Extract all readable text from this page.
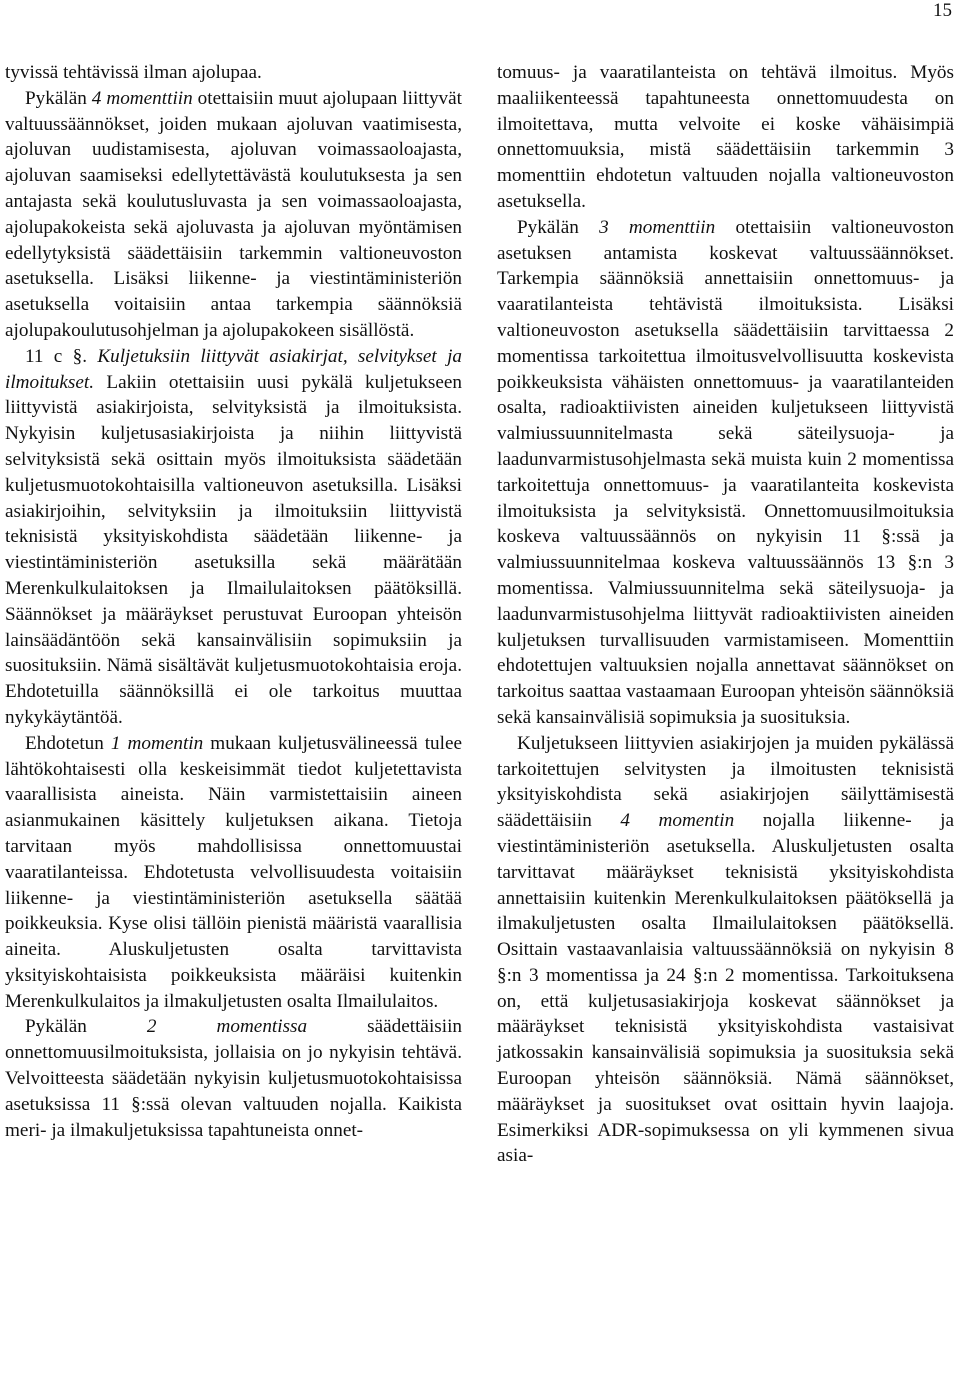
15

tyvissä tehtävissä ilman ajolupaa.

Pykälän 4 momenttiin otettaisiin muut ajolupaan liittyvät valtuussäännökset, joiden mukaan ajoluvan vaatimisesta, ajoluvan uudistamisesta, ajoluvan voimassaoloajasta, ajoluvan saamiseksi edellytettävästä koulutuksesta ja sen antajasta sekä koulutusluvasta ja sen voimassaoloajasta, ajolupakokeista sekä ajoluvasta ja ajoluvan myöntämisen edellytyksistä säädettäisiin tarkemmin valtioneuvoston asetuksella. Lisäksi liikenne- ja viestintäministeriön asetuksella voitaisiin antaa tarkempia säännöksiä ajolupakoulutusohjelman ja ajolupakokeen sisällöstä.

11 c §. Kuljetuksiin liittyvät asiakirjat, selvitykset ja ilmoitukset. Lakiin otettaisiin uusi pykälä kuljetukseen liittyvistä asiakirjoista, selvityksistä ja ilmoituksista. Nykyisin kuljetusasiakirjoista ja niihin liittyvistä selvityksistä sekä osittain myös ilmoituksista säädetään kuljetusmuotokohtaisilla valtioneuvon asetuksilla. Lisäksi asiakirjoihin, selvityksiin ja ilmoituksiin liittyvistä teknisistä yksityiskohdista säädetään liikenne- ja viestintäministeriön asetuksilla sekä määrätään Merenkulkulaitoksen ja Ilmailulaitoksen päätöksillä. Säännökset ja määräykset perustuvat Euroopan yhteisön lainsäädäntöön sekä kansainvälisiin sopimuksiin ja suosituksiin. Nämä sisältävät kuljetusmuotokohtaisia eroja. Ehdotetuilla säännöksillä ei ole tarkoitus muuttaa nykykäytäntöä.

Ehdotetun 1 momentin mukaan kuljetusvälineessä tulee lähtökohtaisesti olla keskeisimmät tiedot kuljetettavista vaarallisista aineista. Näin varmistettaisiin aineen asianmukainen käsittely kuljetuksen aikana. Tietoja tarvitaan myös mahdollisissa onnettomuustai vaaratilanteissa. Ehdotetusta velvollisuudesta voitaisiin liikenne- ja viestintäministeriön asetuksella säätää poikkeuksia. Kyse olisi tällöin pienistä määristä vaarallisia aineita. Aluskuljetusten osalta tarvittavista yksityiskohtaisista poikkeuksista määräisi kuitenkin Merenkulkulaitos ja ilmakuljetusten osalta Ilmailulaitos.

Pykälän 2 momentissa säädettäisiin onnettomuusilmoituksista, jollaisia on jo nykyisin tehtävä. Velvoitteesta säädetään nykyisin kuljetusmuotokohtaisissa asetuksissa 11 §:ssä olevan valtuuden nojalla. Kaikista meri- ja ilmakuljetuksissa tapahtuneista onnet-

tomuus- ja vaaratilanteista on tehtävä ilmoitus. Myös maaliikenteessä tapahtuneesta onnettomuudesta on ilmoitettava, mutta velvoite ei koske vähäisimpiä onnettomuuksia, mistä säädettäisiin tarkemmin 3 momenttiin ehdotetun valtuuden nojalla valtioneuvoston asetuksella.

Pykälän 3 momenttiin otettaisiin valtioneuvoston asetuksen antamista koskevat valtuussäännökset. Tarkempia säännöksiä annettaisiin onnettomuus- ja vaaratilanteista tehtävistä ilmoituksista. Lisäksi valtioneuvoston asetuksella säädettäisiin tarvittaessa 2 momentissa tarkoitettua ilmoitusvelvollisuutta koskevista poikkeuksista vähäisten onnettomuus- ja vaaratilanteiden osalta, radioaktiivisten aineiden kuljetukseen liittyvistä valmiussuunnitelmasta sekä säteilysuoja- ja laadunvarmistusohjelmasta sekä muista kuin 2 momentissa tarkoitettuja onnettomuus- ja vaaratilanteita koskevista ilmoituksista ja selvityksistä. Onnettomuusilmoituksia koskeva valtuussäännös on nykyisin 11 §:ssä ja valmiussuunnitelmaa koskeva valtuussäännös 13 §:n 3 momentissa. Valmiussuunnitelma sekä säteilysuoja- ja laadunvarmistusohjelma liittyvät radioaktiivisten aineiden kuljetuksen turvallisuuden varmistamiseen. Momenttiin ehdotettujen valtuuksien nojalla annettavat säännökset on tarkoitus saattaa vastaamaan Euroopan yhteisön säännöksiä sekä kansainvälisiä sopimuksia ja suosituksia.

Kuljetukseen liittyvien asiakirjojen ja muiden pykälässä tarkoitettujen selvitysten ja ilmoitusten teknisistä yksityiskohdista sekä asiakirjojen säilyttämisestä säädettäisiin 4 momentin nojalla liikenne- ja viestintäministeriön asetuksella. Aluskuljetusten osalta tarvittavat määräykset teknisistä yksityiskohdista annettaisiin kuitenkin Merenkulkulaitoksen päätöksellä ja ilmakuljetusten osalta Ilmailulaitoksen päätöksellä. Osittain vastaavanlaisia valtuussäännöksiä on nykyisin 8 §:n 3 momentissa ja 24 §:n 2 momentissa. Tarkoituksena on, että kuljetusasiakirjoja koskevat säännökset ja määräykset teknisistä yksityiskohdista vastaisivat jatkossakin kansainvälisiä sopimuksia ja suosituksia sekä Euroopan yhteisön säännöksiä. Nämä säännökset, määräykset ja suositukset ovat osittain hyvin laajoja. Esimerkiksi ADR-sopimuksessa on yli kymmenen sivua asia-
